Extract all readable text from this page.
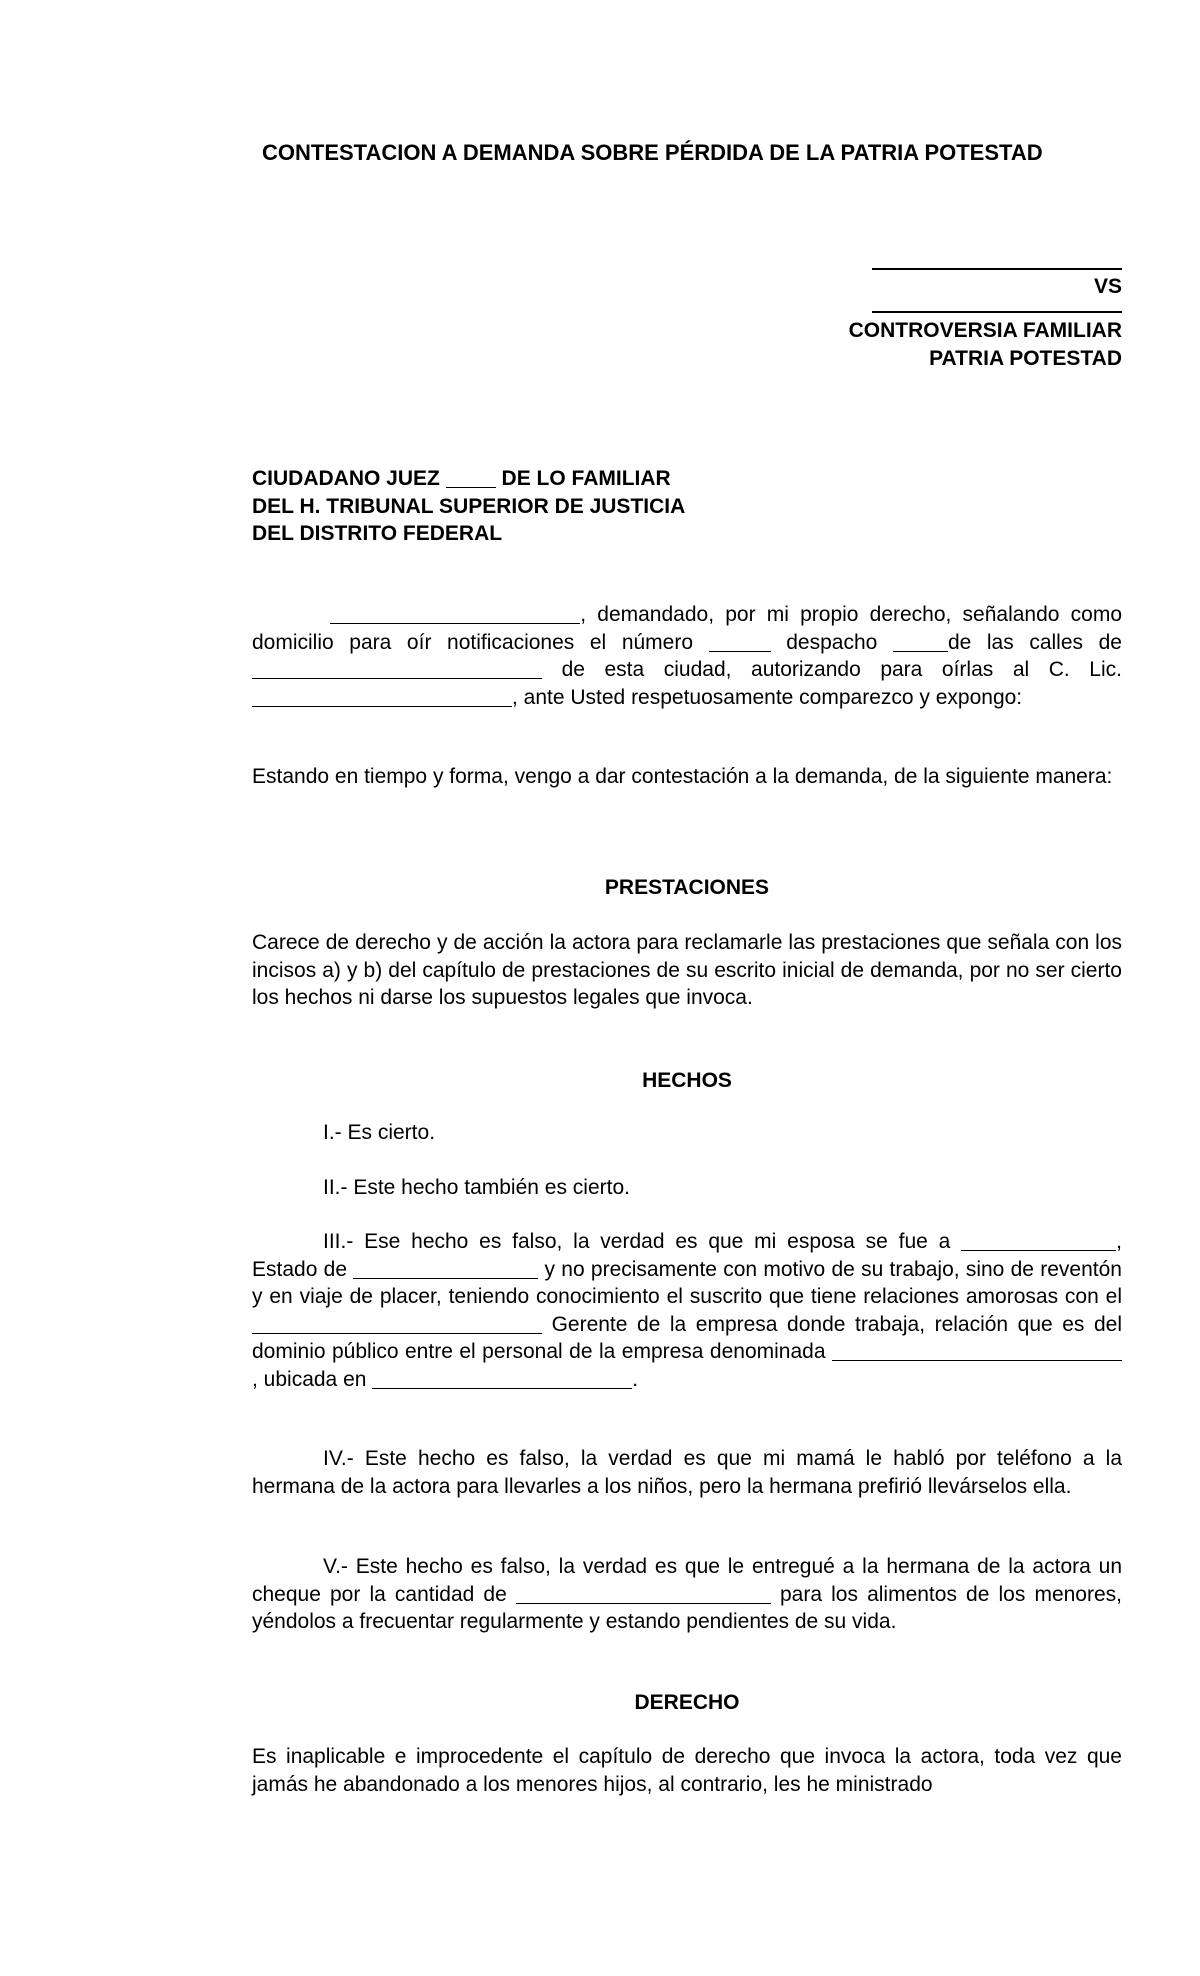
CONTESTACION A DEMANDA SOBRE PÉRDIDA DE LA PATRIA POTESTAD
VS
CONTROVERSIA FAMILIAR
PATRIA POTESTAD
CIUDADANO JUEZ	DE LO FAMILIAR
DEL H. TRIBUNAL SUPERIOR DE JUSTICIA
DEL DISTRITO FEDERAL

, demandado, por mi propio derecho, señalando como domicilio para oír notificaciones el número	despacho	de las calles de  de esta ciudad, autorizando para oírlas al C. Lic. , ante Usted respetuosamente comparezco y expongo:

Estando en tiempo y forma, vengo a dar contestación a la demanda, de la siguiente manera:
PRESTACIONES
Carece de derecho y de acción la actora para reclamarle las prestaciones que señala con los incisos a) y b) del capítulo de prestaciones de su escrito inicial de demanda, por no ser cierto los hechos ni darse los supuestos legales que invoca.
HECHOS
I.- Es cierto.
II.- Este hecho también es cierto.
III.- Ese hecho es falso, la verdad es que mi esposa se fue a	, Estado de	y no precisamente con motivo de su trabajo, sino de reventón y en viaje de placer, teniendo conocimiento el suscrito que tiene relaciones amorosas con el  Gerente de la empresa donde trabaja, relación que es del dominio público entre el personal de la empresa denominada , ubicada en	.
IV.- Este hecho es falso, la verdad es que mi mamá le habló por teléfono a la hermana de la actora para llevarles a los niños, pero la hermana prefirió llevárselos ella.
V.- Este hecho es falso, la verdad es que le entregué a la hermana de la actora un cheque por la cantidad de	para los alimentos de los menores, yéndolos a frecuentar regularmente y estando pendientes de su vida.
DERECHO
Es inaplicable e improcedente el capítulo de derecho que invoca la actora, toda vez que jamás he abandonado a los menores hijos, al contrario, les he ministrado
